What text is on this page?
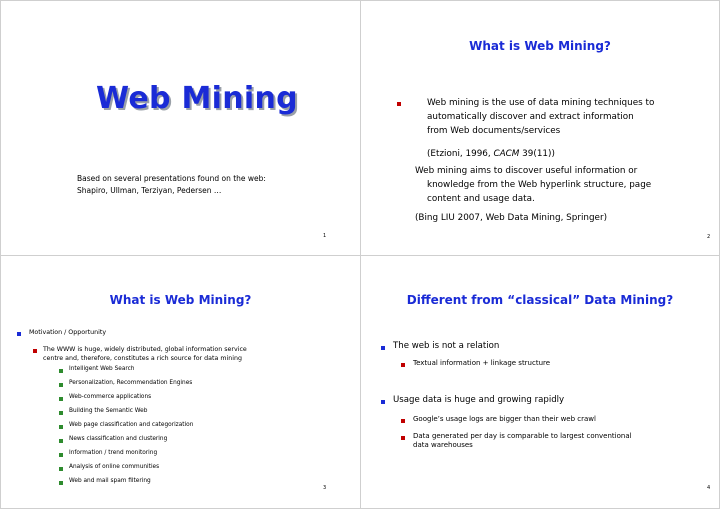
Web Mining
Based on several presentations found on the web:
Shapiro, Ullman, Terziyan, Pedersen …
1
What is Web Mining?
Web mining is the use of data mining techniques to
automatically discover and extract information
from Web documents/services
(Etzioni, 1996, CACM 39(11))
Web mining aims to discover useful information or
knowledge from the Web hyperlink structure, page
content and usage data.
(Bing LIU 2007, Web Data Mining, Springer)
2
What is Web Mining?
Motivation / Opportunity
The WWW is huge, widely distributed, global information service
centre and, therefore, constitutes a rich source for data mining
Intelligent Web Search
Personalization, Recommendation Engines
Web-commerce applications
Building the Semantic Web
Web page classification and categorization
News classification and clustering
Information / trend monitoring
Analysis of online communities
Web and mail spam filtering
3
Different from “classical” Data Mining?
The web is not a relation
Textual information + linkage structure
Usage data is huge and growing rapidly
Google’s usage logs are bigger than their web crawl
Data generated per day is comparable to largest conventional
data warehouses
4
